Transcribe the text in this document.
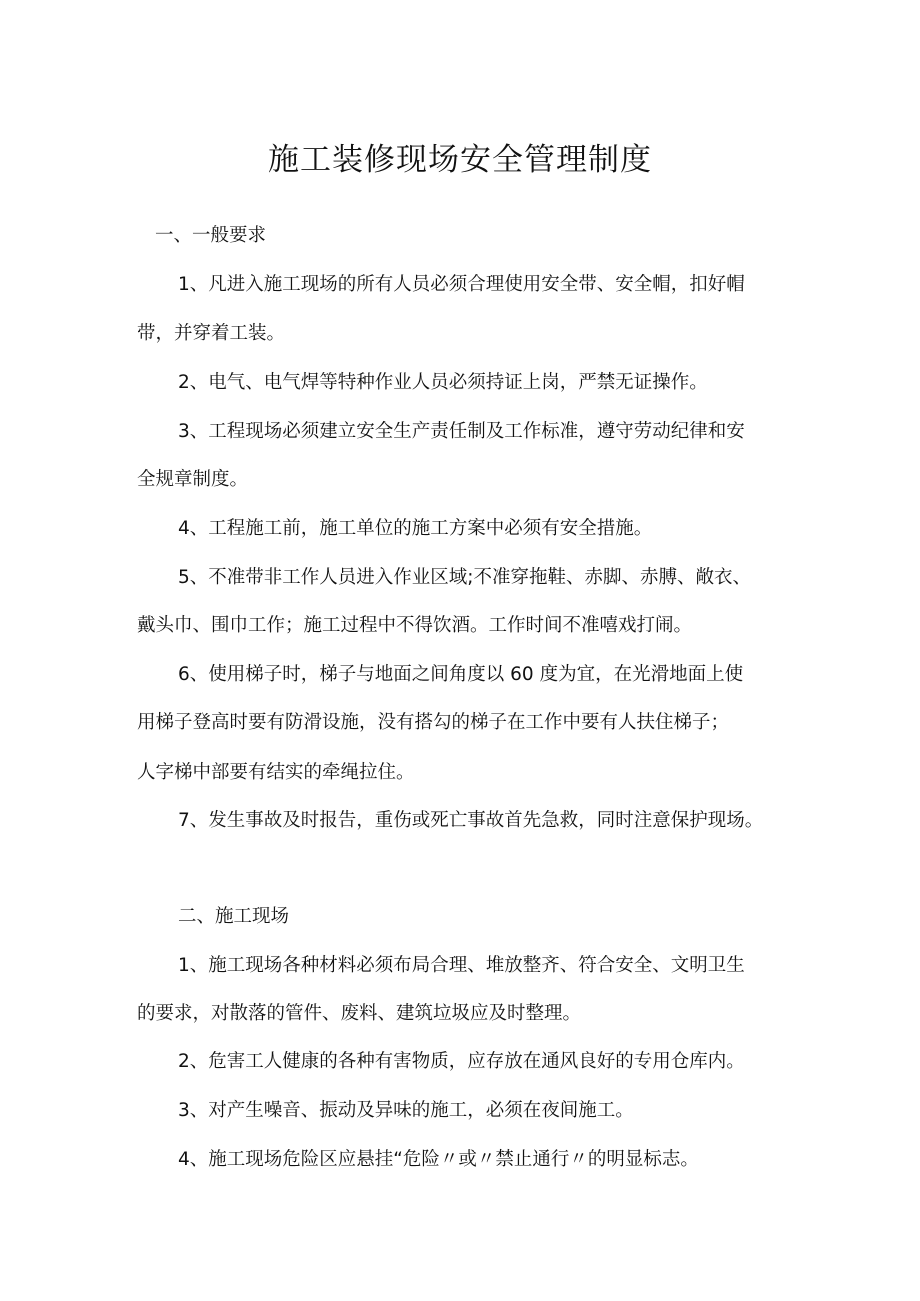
施工装修现场安全管理制度
一、一般要求
1、凡进入施工现场的所有人员必须合理使用安全带、安全帽，扣好帽
带，并穿着工装。
2、电气、电气焊等特种作业人员必须持证上岗，严禁无证操作。
3、工程现场必须建立安全生产责任制及工作标准，遵守劳动纪律和安
全规章制度。
4、工程施工前，施工单位的施工方案中必须有安全措施。
5、不准带非工作人员进入作业区域;不准穿拖鞋、赤脚、赤膊、敞衣、
戴头巾、围巾工作；施工过程中不得饮酒。工作时间不准嘻戏打闹。
6、使用梯子时，梯子与地面之间角度以 60 度为宜，在光滑地面上使
用梯子登高时要有防滑设施，没有搭勾的梯子在工作中要有人扶住梯子；
人字梯中部要有结实的牵绳拉住。
7、发生事故及时报告，重伤或死亡事故首先急救，同时注意保护现场。
二、施工现场
1、施工现场各种材料必须布局合理、堆放整齐、符合安全、文明卫生
的要求，对散落的管件、废料、建筑垃圾应及时整理。
2、危害工人健康的各种有害物质，应存放在通风良好的专用仓库内。
3、对产生噪音、振动及异味的施工，必须在夜间施工。
4、施工现场危险区应悬挂“危险〃或〃禁止通行〃的明显标志。
